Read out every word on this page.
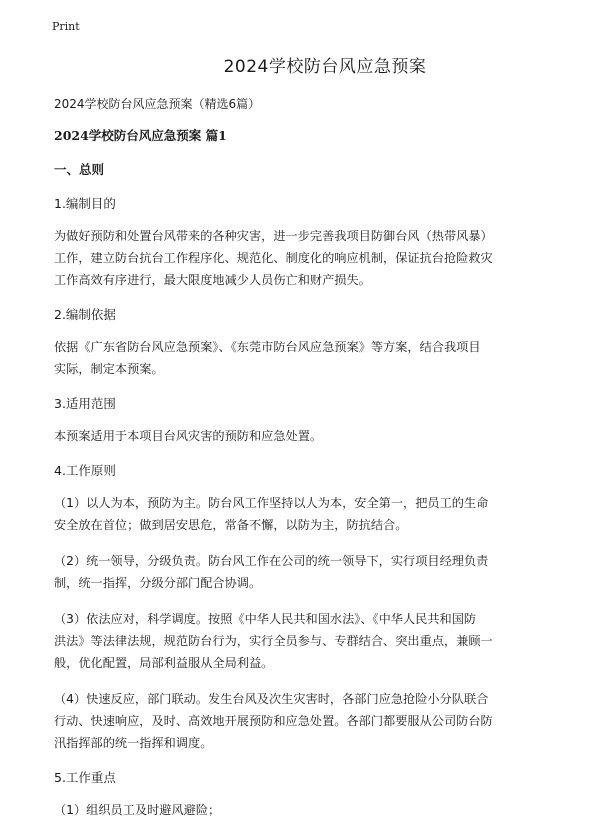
Print
2024学校防台风应急预案
2024学校防台风应急预案（精选6篇）
2024学校防台风应急预案 篇1
一、总则
1.编制目的
为做好预防和处置台风带来的各种灾害，进一步完善我项目防御台风（热带风暴）
工作，建立防台抗台工作程序化、规范化、制度化的响应机制，保证抗台抢险救灾
工作高效有序进行，最大限度地减少人员伤亡和财产损失。
2.编制依据
依据《广东省防台风应急预案》、《东莞市防台风应急预案》等方案，结合我项目
实际，制定本预案。
3.适用范围
本预案适用于本项目台风灾害的预防和应急处置。
4.工作原则
（1）以人为本，预防为主。防台风工作坚持以人为本，安全第一，把员工的生命
安全放在首位；做到居安思危，常备不懈，以防为主，防抗结合。
（2）统一领导，分级负责。防台风工作在公司的统一领导下，实行项目经理负责
制，统一指挥，分级分部门配合协调。
（3）依法应对，科学调度。按照《中华人民共和国水法》、《中华人民共和国防
洪法》等法律法规，规范防台行为，实行全员参与、专群结合、突出重点，兼顾一
般，优化配置，局部利益服从全局利益。
（4）快速反应，部门联动。发生台风及次生灾害时，各部门应急抢险小分队联合
行动、快速响应，及时、高效地开展预防和应急处置。各部门都要服从公司防台防
汛指挥部的统一指挥和调度。
5.工作重点
（1）组织员工及时避风避险；
